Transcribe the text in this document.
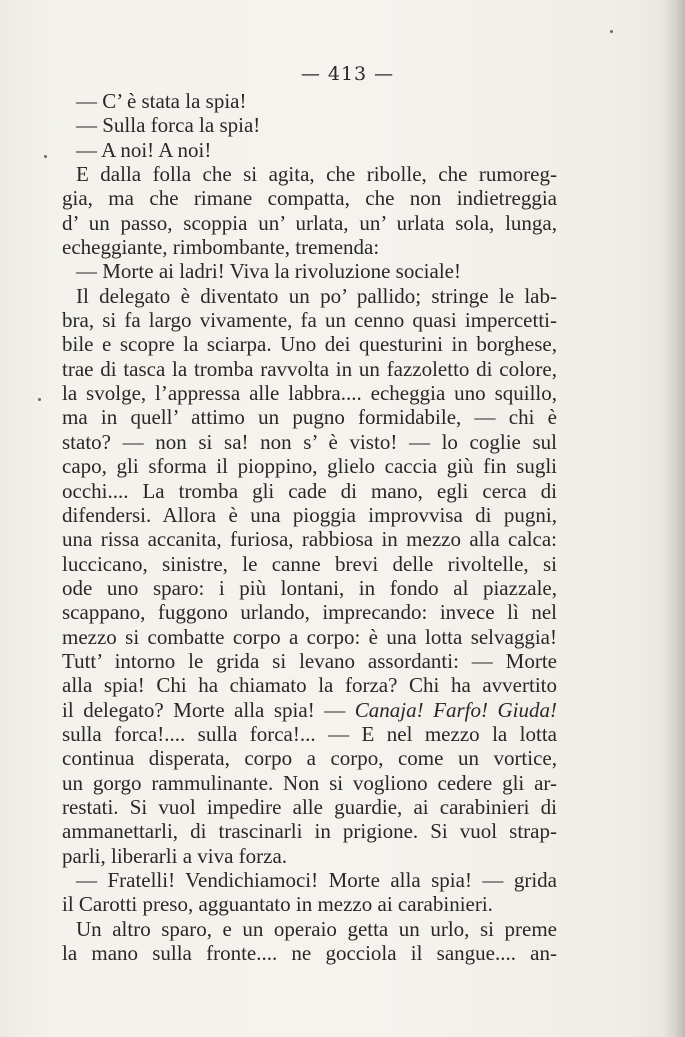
— 413 —
— C’ è stata la spia!
— Sulla forca la spia!
— A noi! A noi!
E dalla folla che si agita, che ribolle, che rumoreg-
gia, ma che rimane compatta, che non indietreggia
d’ un passo, scoppia un’ urlata, un’ urlata sola, lunga,
echeggiante, rimbombante, tremenda:
— Morte ai ladri! Viva la rivoluzione sociale!
Il delegato è diventato un po’ pallido; stringe le lab-
bra, si fa largo vivamente, fa un cenno quasi impercetti-
bile e scopre la sciarpa. Uno dei questurini in borghese,
trae di tasca la tromba ravvolta in un fazzoletto di colore,
la svolge, l’appressa alle labbra.... echeggia uno squillo,
ma in quell’ attimo un pugno formidabile, — chi è
stato? — non si sa! non s’ è visto! — lo coglie sul
capo, gli sforma il pioppino, glielo caccia giù fin sugli
occhi.... La tromba gli cade di mano, egli cerca di
difendersi. Allora è una pioggia improvvisa di pugni,
una rissa accanita, furiosa, rabbiosa in mezzo alla calca:
luccicano, sinistre, le canne brevi delle rivoltelle, si
ode uno sparo: i più lontani, in fondo al piazzale,
scappano, fuggono urlando, imprecando: invece lì nel
mezzo si combatte corpo a corpo: è una lotta selvaggia!
Tutt’ intorno le grida si levano assordanti: — Morte
alla spia! Chi ha chiamato la forza? Chi ha avvertito
il delegato? Morte alla spia! — Canaja! Farfo! Giuda!
sulla forca!.... sulla forca!... — E nel mezzo la lotta
continua disperata, corpo a corpo, come un vortice,
un gorgo rammulinante. Non si vogliono cedere gli ar-
restati. Si vuol impedire alle guardie, ai carabinieri di
ammanettarli, di trascinarli in prigione. Si vuol strap-
parli, liberarli a viva forza.
— Fratelli! Vendichiamoci! Morte alla spia! — grida
il Carotti preso, agguantato in mezzo ai carabinieri.
Un altro sparo, e un operaio getta un urlo, si preme
la mano sulla fronte.... ne gocciola il sangue.... an-
